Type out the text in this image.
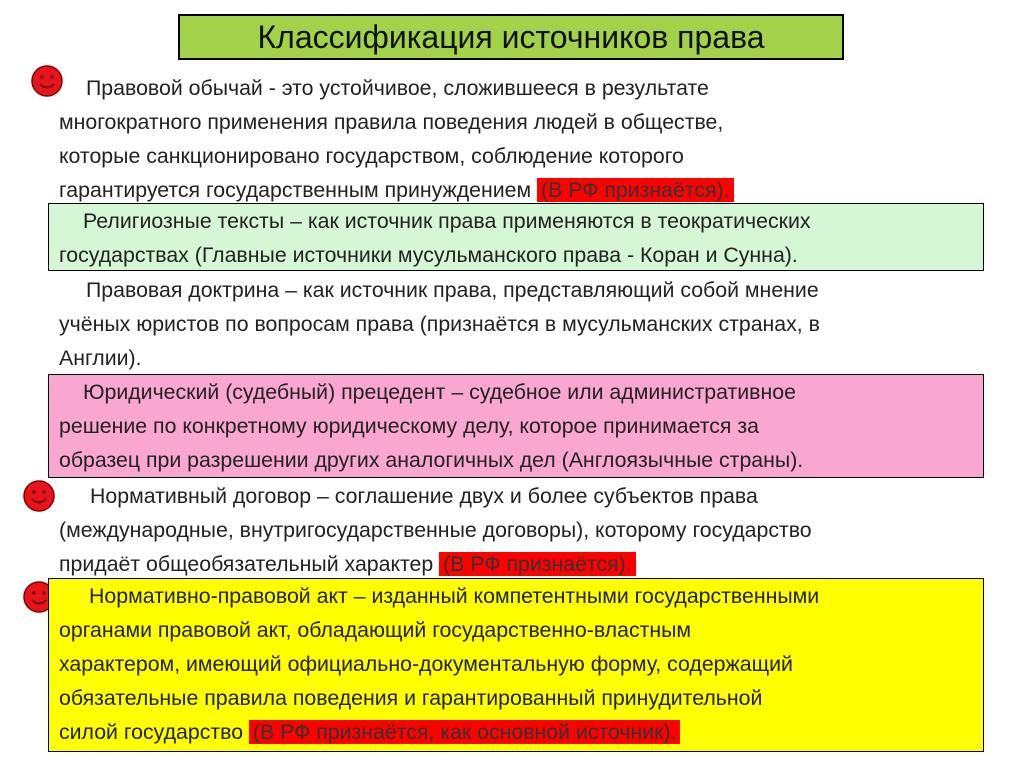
Классификация источников права
Правовой обычай - это устойчивое, сложившееся в результате
многократного применения правила поведения людей в обществе,
которые санкционировано государством, соблюдение которого
гарантируется государственным принуждением (В РФ признаётся).
Религиозные тексты – как источник права применяются в теократических
государствах (Главные источники мусульманского права - Коран и Сунна).
Правовая доктрина – как источник права, представляющий собой мнение
учёных юристов по вопросам права (признаётся в мусульманских странах, в
Англии).
Юридический (судебный) прецедент – судебное или административное
решение по конкретному юридическому делу, которое принимается за
образец при разрешении других аналогичных дел (Англоязычные страны).
Нормативный договор – соглашение двух и более субъектов права
(международные, внутригосударственные договоры), которому государство
придаёт общеобязательный характер (В РФ признаётся).
Нормативно-правовой акт – изданный компетентными государственными
органами правовой акт, обладающий государственно-властным
характером, имеющий официально-документальную форму, содержащий
обязательные правила поведения и гарантированный принудительной
силой государство (В РФ признаётся, как основной источник).
